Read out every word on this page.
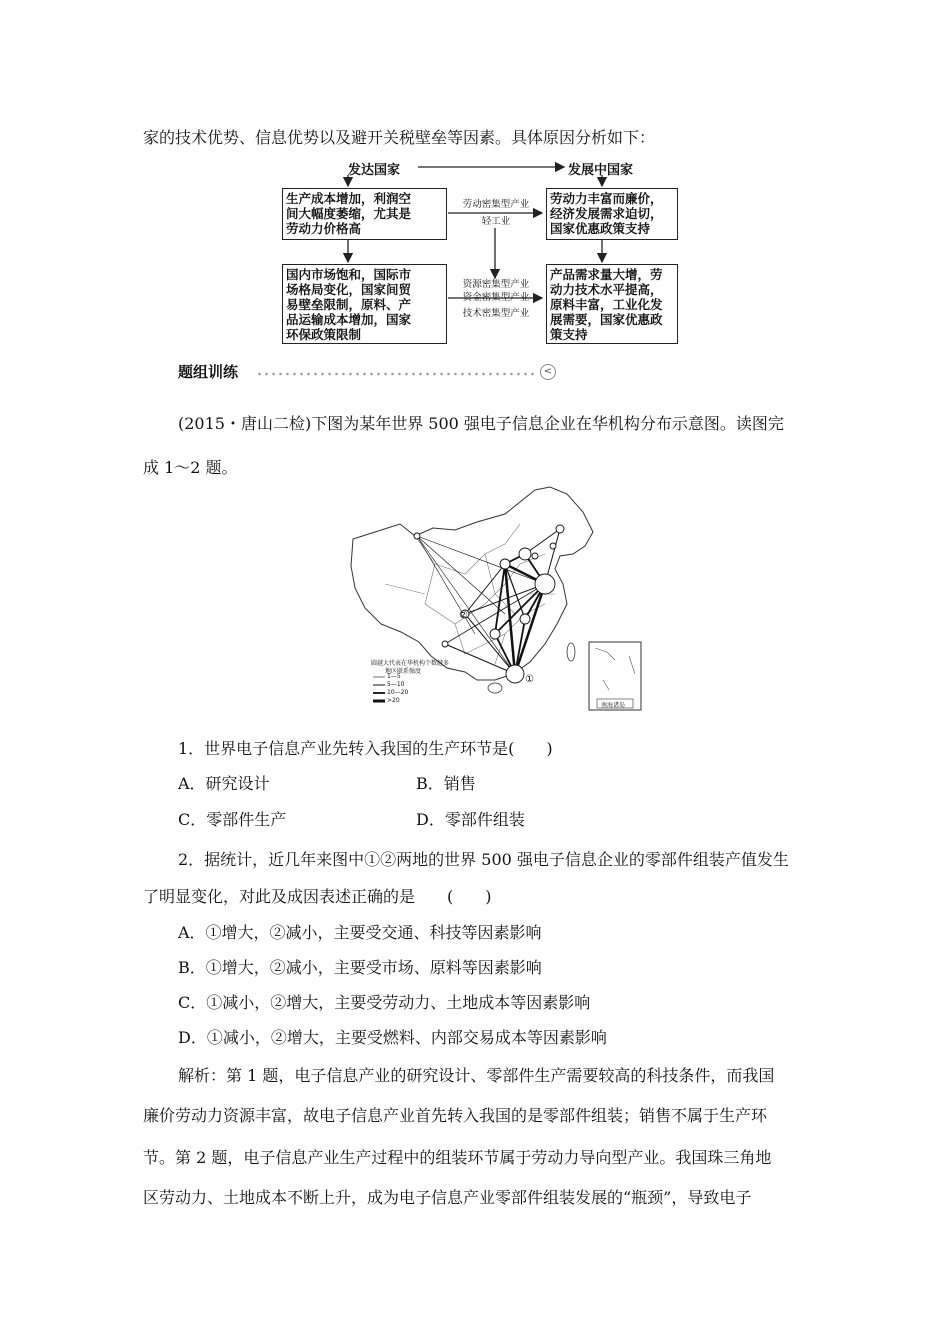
家的技术优势、信息优势以及避开关税壁垒等因素。具体原因分析如下：
发达国家	发展中国家
生产成本增加，利润空
间大幅度萎缩，尤其是
劳动力价格高
国内市场饱和，国际市
场格局变化，国家间贸
易壁垒限制，原料、产
品运输成本增加，国家
环保政策限制
劳动力丰富而廉价，
经济发展需求迫切，
国家优惠政策支持
产品需求量大增，劳
动力技术水平提高，
原料丰富，工业化发
展需要，国家优惠政
策支持
劳动密集型产业
轻工业
资源密集型产业
资金密集型产业
技术密集型产业
题组训练	<
(2015・唐山二检)下图为某年世界 500 强电子信息企业在华机构分布示意图。读图完
成 1～2 题。
圆越大代表在华机构个数越多
地区联系强度
1—5
5—10
10—20
>20
南海诸岛
①
②
1．世界电子信息产业先转入我国的生产环节是(　　)
A．研究设计	B．销售
C．零部件生产	D．零部件组装
2．据统计，近几年来图中①②两地的世界 500 强电子信息企业的零部件组装产值发生
了明显变化，对此及成因表述正确的是　　(　　)
A．①增大，②减小，主要受交通、科技等因素影响
B．①增大，②减小，主要受市场、原料等因素影响
C．①减小，②增大，主要受劳动力、土地成本等因素影响
D．①减小，②增大，主要受燃料、内部交易成本等因素影响
解析：第 1 题，电子信息产业的研究设计、零部件生产需要较高的科技条件，而我国
廉价劳动力资源丰富，故电子信息产业首先转入我国的是零部件组装；销售不属于生产环
节。第 2 题，电子信息产业生产过程中的组装环节属于劳动力导向型产业。我国珠三角地
区劳动力、土地成本不断上升，成为电子信息产业零部件组装发展的“瓶颈”，导致电子
